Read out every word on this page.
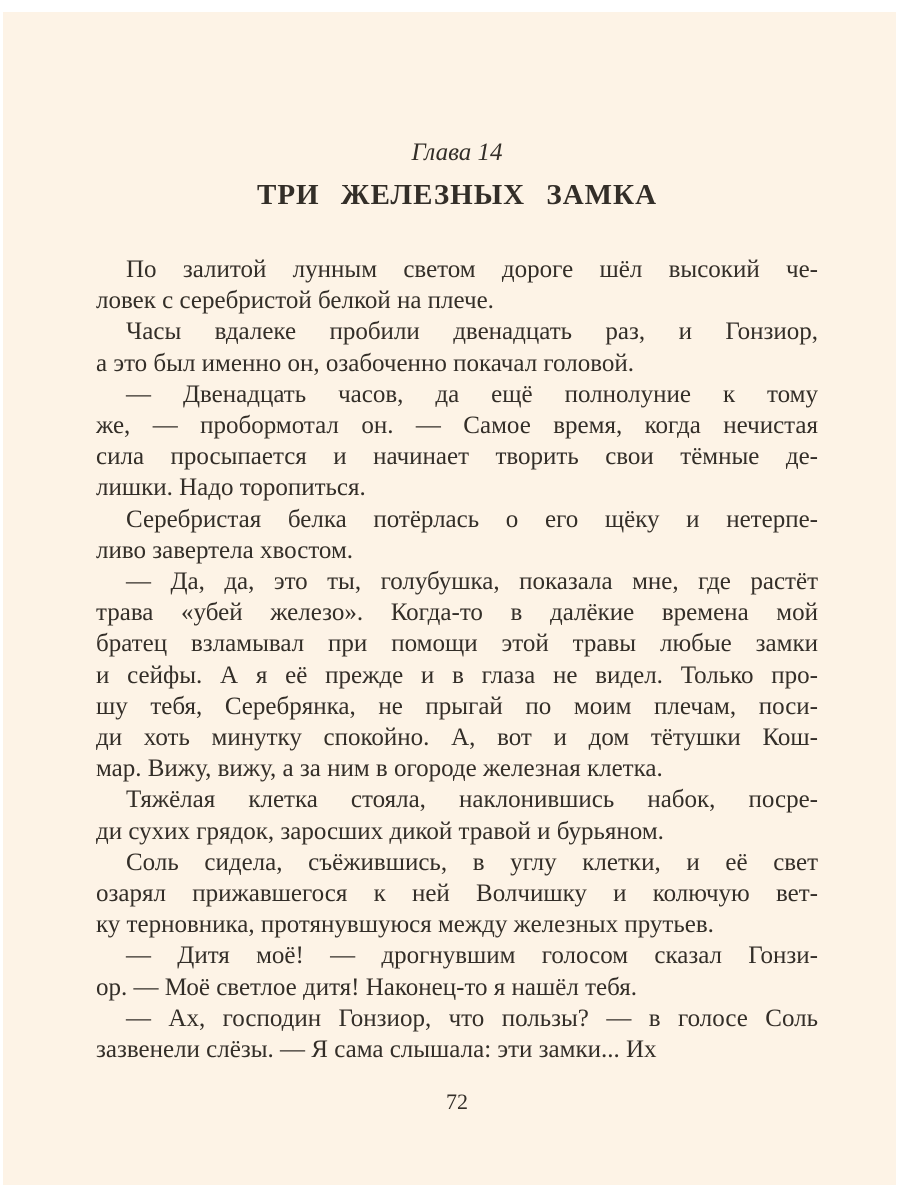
Глава 14
ТРИ ЖЕЛЕЗНЫХ ЗАМКА
По залитой лунным светом дороге шёл высокий че-
ловек с серебристой белкой на плече.
Часы вдалеке пробили двенадцать раз, и Гонзиор,
а это был именно он, озабоченно покачал головой.
— Двенадцать часов, да ещё полнолуние к тому
же, — пробормотал он. — Самое время, когда нечистая
сила просыпается и начинает творить свои тёмные де-
лишки. Надо торопиться.
Серебристая белка потёрлась о его щёку и нетерпе-
ливо завертела хвостом.
— Да, да, это ты, голубушка, показала мне, где растёт
трава «убей железо». Когда-то в далёкие времена мой
братец взламывал при помощи этой травы любые замки
и сейфы. А я её прежде и в глаза не видел. Только про-
шу тебя, Серебрянка, не прыгай по моим плечам, поси-
ди хоть минутку спокойно. А, вот и дом тётушки Кош-
мар. Вижу, вижу, а за ним в огороде железная клетка.
Тяжёлая клетка стояла, наклонившись набок, посре-
ди сухих грядок, заросших дикой травой и бурьяном.
Соль сидела, съёжившись, в углу клетки, и её свет
озарял прижавшегося к ней Волчишку и колючую вет-
ку терновника, протянувшуюся между железных прутьев.
— Дитя моё! — дрогнувшим голосом сказал Гонзи-
ор. — Моё светлое дитя! Наконец-то я нашёл тебя.
— Ах, господин Гонзиор, что пользы? — в голосе Соль
зазвенели слёзы. — Я сама слышала: эти замки... Их
72
